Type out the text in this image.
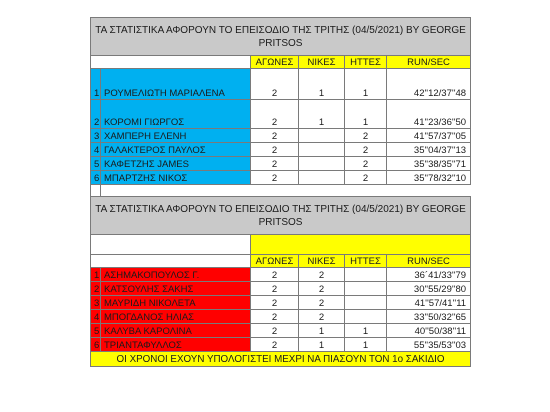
ΤΑ ΣΤΑΤΙΣΤΙΚΑ ΑΦΟΡΟΥΝ ΤΟ ΕΠΕΙΣΟΔΙΟ ΤΗΣ ΤΡΙΤΗΣ (04/5/2021) BY GEORGE PRITSOS					
		ΑΓΩΝΕΣ	ΝΙΚΕΣ	ΗΤΤΕΣ	RUN/SEC
1	ΡΟΥΜΕΛΙΩΤΗ ΜΑΡΙΑΛΕΝΑ	2	1	1	42''12/37''48
2	ΚΟΡΟΜΙ ΓΙΩΡΓΟΣ	2	1	1	41''23/36''50
3	ΧΑΜΠΕΡΗ ΕΛΕΝΗ	2		2	41''57/37''05
4	ΓΑΛΑΚΤΕΡΟΣ ΠΑΥΛΟΣ	2		2	35''04/37''13
5	ΚΑΦΕΤΖΗΣ JAMES	2		2	35''38/35''71
6	ΜΠΑΡΤΖΗΣ ΝΙΚΟΣ	2		2	35''78/32''10

ΤΑ ΣΤΑΤΙΣΤΙΚΑ ΑΦΟΡΟΥΝ ΤΟ ΕΠΕΙΣΟΔΙΟ ΤΗΣ ΤΡΙΤΗΣ (04/5/2021) BY GEORGE PRITSOS					

		ΑΓΩΝΕΣ	ΝΙΚΕΣ	ΗΤΤΕΣ	RUN/SEC
1	ΑΣΗΜΑΚΟΠΟΥΛΟΣ Γ.	2	2		36´41/33''79
2	ΚΑΤΣΟΥΛΗΣ ΣΑΚΗΣ	2	2		30''55/29''80
3	ΜΑΥΡΙΔΗ ΝΙΚΟΛΕΤΑ	2	2		41''57/41''11
4	ΜΠΟΓΔΑΝΟΣ ΗΛΙΑΣ	2	2		33''50/32''65
5	ΚΑΛΥΒΑ ΚΑΡΟΛΙΝΑ	2	1	1	40''50/38''11
6	ΤΡΙΑΝΤΑΦΥΛΛΟΣ	2	1	1	55''35/53''03
ΟΙ ΧΡΟΝΟΙ ΕΧΟΥΝ ΥΠΟΛΟΓΙΣΤΕΙ ΜΕΧΡΙ ΝΑ ΠΙΑΣΟΥΝ ΤΟΝ 1ο ΣΑΚΙΔΙΟ					
